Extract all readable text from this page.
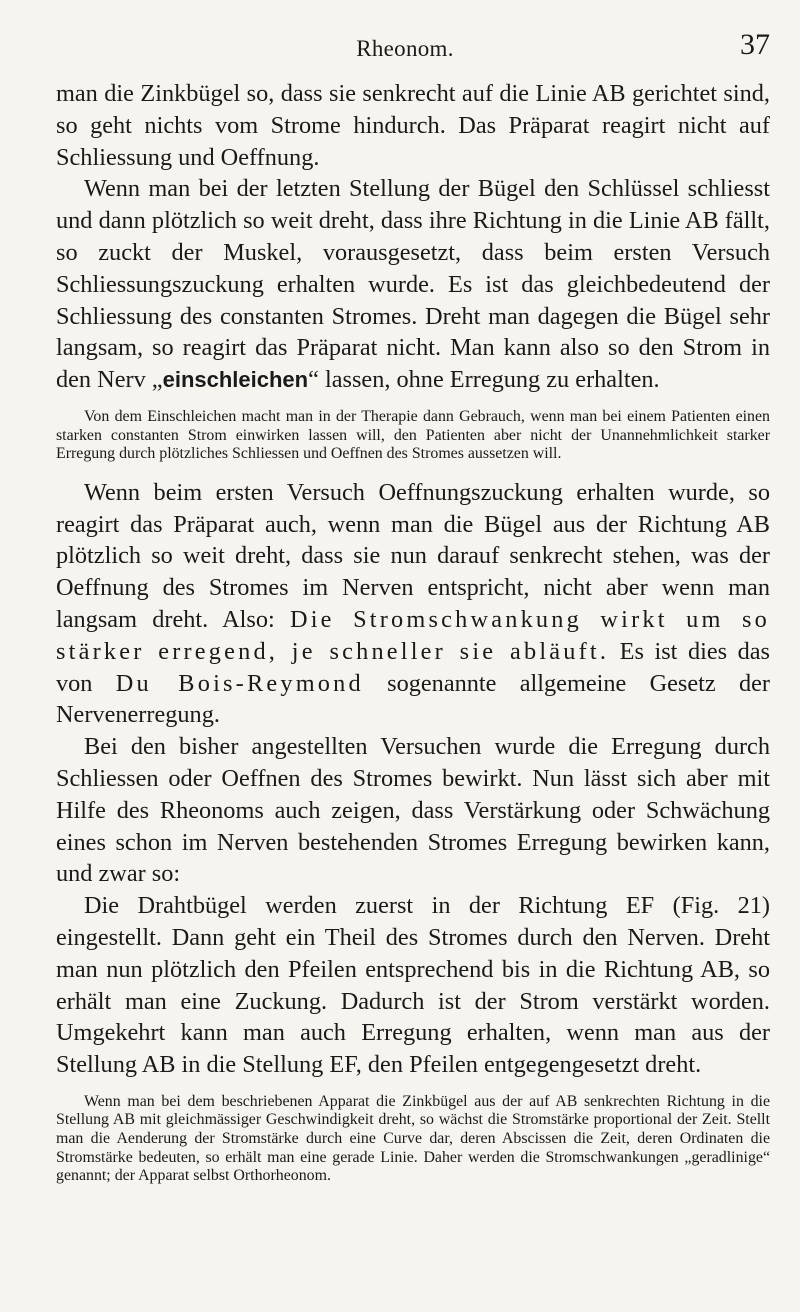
Rheonom.	37

man die Zinkbügel so, dass sie senkrecht auf die Linie AB gerichtet sind, so geht nichts vom Strome hindurch. Das Präparat reagirt nicht auf Schliessung und Oeffnung.

Wenn man bei der letzten Stellung der Bügel den Schlüssel schliesst und dann plötzlich so weit dreht, dass ihre Richtung in die Linie AB fällt, so zuckt der Muskel, vorausgesetzt, dass beim ersten Versuch Schliessungszuckung erhalten wurde. Es ist das gleichbedeutend der Schliessung des constanten Stromes. Dreht man dagegen die Bügel sehr langsam, so reagirt das Präparat nicht. Man kann also so den Strom in den Nerv „einschleichen“ lassen, ohne Erregung zu erhalten.

Von dem Einschleichen macht man in der Therapie dann Gebrauch, wenn man bei einem Patienten einen starken constanten Strom einwirken lassen will, den Patienten aber nicht der Unannehmlichkeit starker Erregung durch plötzliches Schliessen und Oeffnen des Stromes aussetzen will.

Wenn beim ersten Versuch Oeffnungszuckung erhalten wurde, so reagirt das Präparat auch, wenn man die Bügel aus der Richtung AB plötzlich so weit dreht, dass sie nun darauf senkrecht stehen, was der Oeffnung des Stromes im Nerven entspricht, nicht aber wenn man langsam dreht. Also: Die Stromschwankung wirkt um so stärker erregend, je schneller sie abläuft. Es ist dies das von Du Bois-Reymond sogenannte allgemeine Gesetz der Nervenerregung.

Bei den bisher angestellten Versuchen wurde die Erregung durch Schliessen oder Oeffnen des Stromes bewirkt. Nun lässt sich aber mit Hilfe des Rheonoms auch zeigen, dass Verstärkung oder Schwächung eines schon im Nerven bestehenden Stromes Erregung bewirken kann, und zwar so:

Die Drahtbügel werden zuerst in der Richtung EF (Fig. 21) eingestellt. Dann geht ein Theil des Stromes durch den Nerven. Dreht man nun plötzlich den Pfeilen entsprechend bis in die Richtung AB, so erhält man eine Zuckung. Dadurch ist der Strom verstärkt worden. Umgekehrt kann man auch Erregung erhalten, wenn man aus der Stellung AB in die Stellung EF, den Pfeilen entgegengesetzt dreht.

Wenn man bei dem beschriebenen Apparat die Zinkbügel aus der auf AB senkrechten Richtung in die Stellung AB mit gleichmässiger Geschwindigkeit dreht, so wächst die Stromstärke proportional der Zeit. Stellt man die Aenderung der Stromstärke durch eine Curve dar, deren Abscissen die Zeit, deren Ordinaten die Stromstärke bedeuten, so erhält man eine gerade Linie. Daher werden die Stromschwankungen „geradlinige“ genannt; der Apparat selbst Orthorheonom.
